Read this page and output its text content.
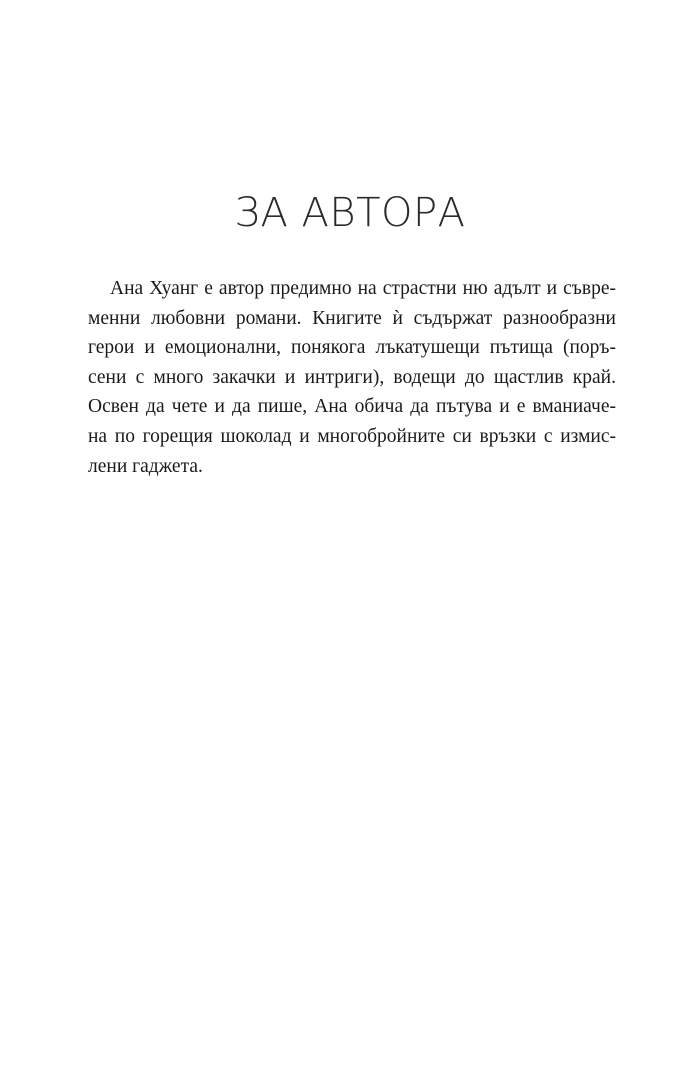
ЗА АВТОРА
Ана Хуанг е автор предимно на страстни ню адълт и съвре-
менни любовни романи. Книгите ѝ съдържат разнообразни
герои и емоционални, понякога лъкатушещи пътища (поръ-
сени с много закачки и интриги), водещи до щастлив край.
Освен да чете и да пише, Ана обича да пътува и е вманиаче-
на по горещия шоколад и многобройните си връзки с измис-
лени гаджета.
